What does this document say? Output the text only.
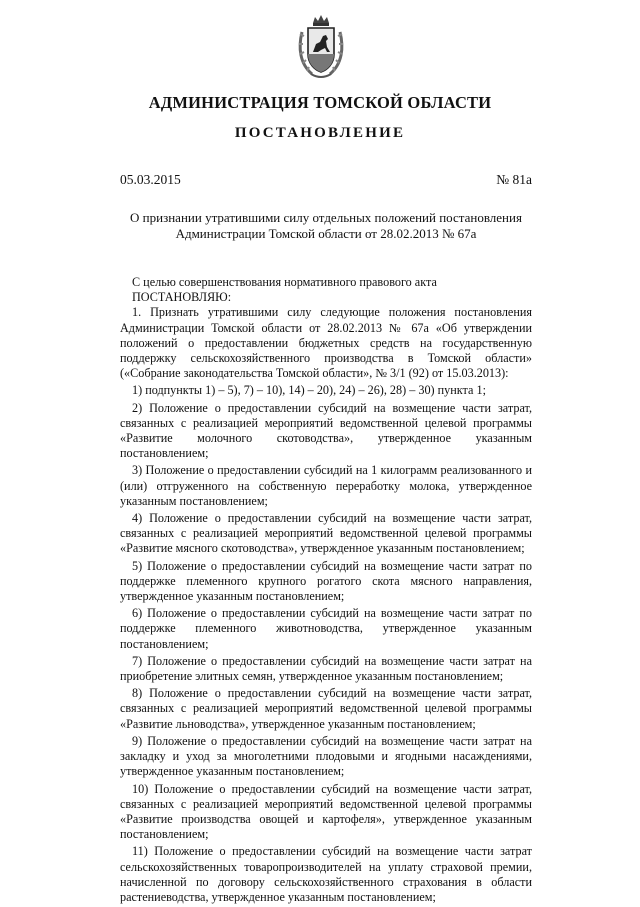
АДМИНИСТРАЦИЯ ТОМСКОЙ ОБЛАСТИ
ПОСТАНОВЛЕНИЕ
05.03.2015	№ 81а
О признании утратившими силу отдельных положений постановления
Администрации Томской области от 28.02.2013 № 67а

С целью совершенствования нормативного правового акта

ПОСТАНОВЛЯЮ:

1. Признать утратившими силу следующие положения постановления Администрации Томской области от 28.02.2013 № 67а «Об утверждении положений о предоставлении бюджетных средств на государственную поддержку сельскохозяйственного производства в Томской области» («Собрание законодательства Томской области», № 3/1 (92) от 15.03.2013):

1) подпункты 1) – 5), 7) – 10), 14) – 20), 24) – 26), 28) – 30) пункта 1;

2) Положение о предоставлении субсидий на возмещение части затрат, связанных с реализацией мероприятий ведомственной целевой программы «Развитие молочного скотоводства», утвержденное указанным постановлением;

3) Положение о предоставлении субсидий на 1 килограмм реализованного и (или) отгруженного на собственную переработку молока, утвержденное указанным постановлением;

4) Положение о предоставлении субсидий на возмещение части затрат, связанных с реализацией мероприятий ведомственной целевой программы «Развитие мясного скотоводства», утвержденное указанным постановлением;

5) Положение о предоставлении субсидий на возмещение части затрат по поддержке племенного крупного рогатого скота мясного направления, утвержденное указанным постановлением;

6) Положение о предоставлении субсидий на возмещение части затрат по поддержке племенного животноводства, утвержденное указанным постановлением;

7) Положение о предоставлении субсидий на возмещение части затрат на приобретение элитных семян, утвержденное указанным постановлением;

8) Положение о предоставлении субсидий на возмещение части затрат, связанных с реализацией мероприятий ведомственной целевой программы «Развитие льноводства», утвержденное указанным постановлением;

9) Положение о предоставлении субсидий на возмещение части затрат на закладку и уход за многолетними плодовыми и ягодными насаждениями, утвержденное указанным постановлением;

10) Положение о предоставлении субсидий на возмещение части затрат, связанных с реализацией мероприятий ведомственной целевой программы «Развитие производства овощей и картофеля», утвержденное указанным постановлением;

11) Положение о предоставлении субсидий на возмещение части затрат сельскохозяйственных товаропроизводителей на уплату страховой премии, начисленной по договору сельскохозяйственного страхования в области растениеводства, утвержденное указанным постановлением;
